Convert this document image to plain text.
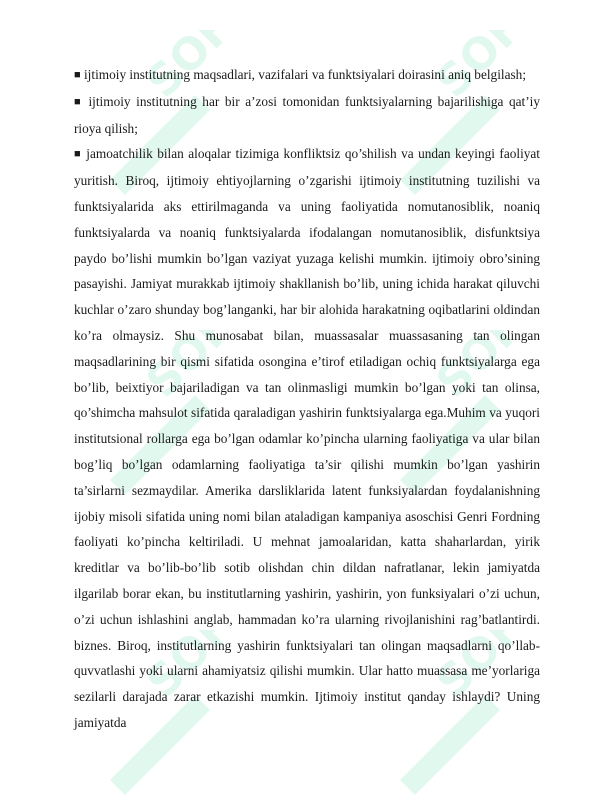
■ ijtimoiy institutning maqsadlari, vazifalari va funktsiyalari doirasini aniq belgilash;

■ ijtimoiy institutning har bir a’zosi tomonidan funktsiyalarning bajarilishiga qat’iy rioya qilish;

■ jamoatchilik bilan aloqalar tizimiga konfliktsiz qo’shilish va undan keyingi faoliyat yuritish. Biroq, ijtimoiy ehtiyojlarning o’zgarishi ijtimoiy institutning tuzilishi va funktsiyalarida aks ettirilmaganda va uning faoliyatida nomutanosiblik, noaniq funktsiyalarda va noaniq funktsiyalarda ifodalangan nomutanosiblik, disfunktsiya paydo bo’lishi mumkin bo’lgan vaziyat yuzaga kelishi mumkin. ijtimoiy obro’sining pasayishi. Jamiyat murakkab ijtimoiy shakllanish bo’lib, uning ichida harakat qiluvchi kuchlar o’zaro shunday bog’langanki, har bir alohida harakatning oqibatlarini oldindan ko’ra olmaysiz. Shu munosabat bilan, muassasalar muassasaning tan olingan maqsadlarining bir qismi sifatida osongina e’tirof etiladigan ochiq funktsiyalarga ega bo’lib, beixtiyor bajariladigan va tan olinmasligi mumkin bo’lgan yoki tan olinsa, qo’shimcha mahsulot sifatida qaraladigan yashirin funktsiyalarga ega.Muhim va yuqori institutsional rollarga ega bo’lgan odamlar ko’pincha ularning faoliyatiga va ular bilan bog’liq bo’lgan odamlarning faoliyatiga ta’sir qilishi mumkin bo’lgan yashirin ta’sirlarni sezmaydilar. Amerika darsliklarida latent funksiyalardan foydalanishning ijobiy misoli sifatida uning nomi bilan ataladigan kampaniya asoschisi Genri Fordning faoliyati ko’pincha keltiriladi. U mehnat jamoalaridan, katta shaharlardan, yirik kreditlar va bo’lib-bo’lib sotib olishdan chin dildan nafratlanar, lekin jamiyatda ilgarilab borar ekan, bu institutlarning yashirin, yashirin, yon funksiyalari o’zi uchun, o’zi uchun ishlashini anglab, hammadan ko’ra ularning rivojlanishini rag’batlantirdi. biznes. Biroq, institutlarning yashirin funktsiyalari tan olingan maqsadlarni qo’llab-quvvatlashi yoki ularni ahamiyatsiz qilishi mumkin. Ular hatto muassasa me’yorlariga sezilarli darajada zarar etkazishi mumkin. Ijtimoiy institut qanday ishlaydi? Uning jamiyatda
